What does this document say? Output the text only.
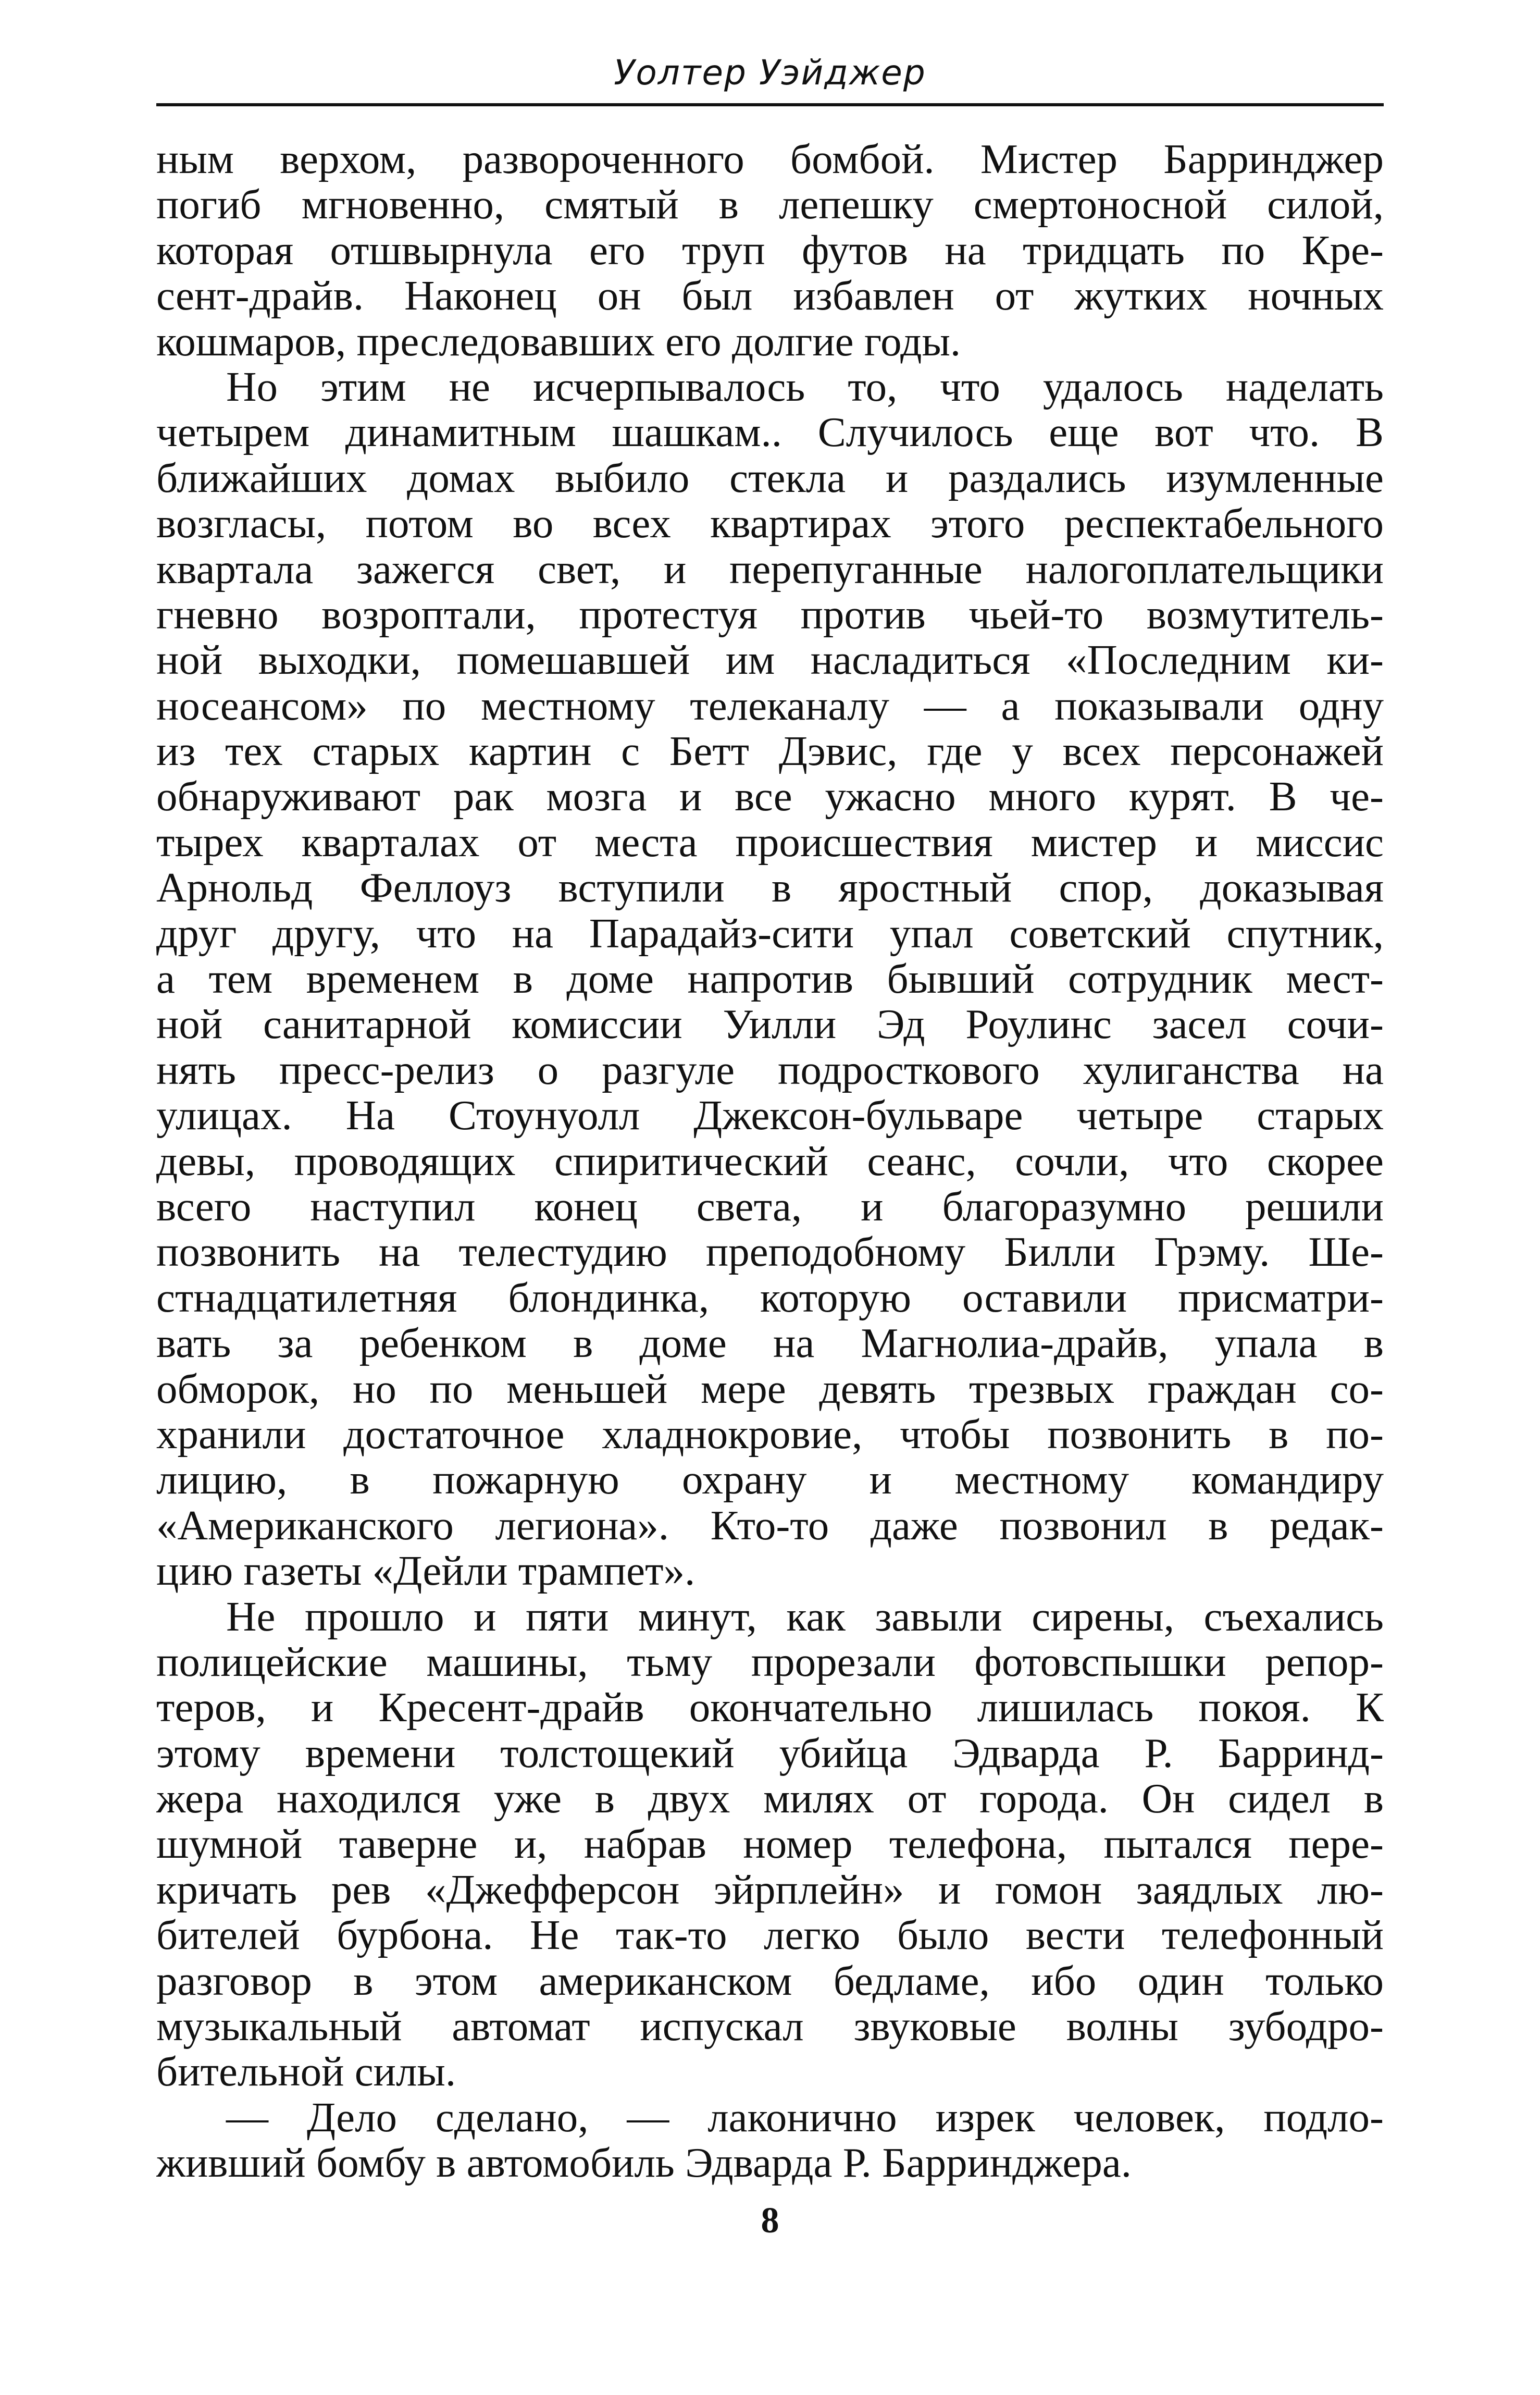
Уолтер Уэйджер
ным верхом, развороченного бомбой. Мистер Барринджер
погиб мгновенно, смятый в лепешку смертоносной силой,
которая отшвырнула его труп футов на тридцать по Кре-
сент-драйв. Наконец он был избавлен от жутких ночных
кошмаров, преследовавших его долгие годы.
Но этим не исчерпывалось то, что удалось наделать
четырем динамитным шашкам.. Случилось еще вот что. В
ближайших домах выбило стекла и раздались изумленные
возгласы, потом во всех квартирах этого респектабельного
квартала зажегся свет, и перепуганные налогоплательщики
гневно возроптали, протестуя против чьей-то возмутитель-
ной выходки, помешавшей им насладиться «Последним ки-
носеансом» по местному телеканалу — а показывали одну
из тех старых картин с Бетт Дэвис, где у всех персонажей
обнаруживают рак мозга и все ужасно много курят. В че-
тырех кварталах от места происшествия мистер и миссис
Арнольд Феллоуз вступили в яростный спор, доказывая
друг другу, что на Парадайз-сити упал советский спутник,
а тем временем в доме напротив бывший сотрудник мест-
ной санитарной комиссии Уилли Эд Роулинс засел сочи-
нять пресс-релиз о разгуле подросткового хулиганства на
улицах. На Стоунуолл Джексон-бульваре четыре старых
девы, проводящих спиритический сеанс, сочли, что скорее
всего наступил конец света, и благоразумно решили
позвонить на телестудию преподобному Билли Грэму. Ше-
стнадцатилетняя блондинка, которую оставили присматри-
вать за ребенком в доме на Магнолиа-драйв, упала в
обморок, но по меньшей мере девять трезвых граждан со-
хранили достаточное хладнокровие, чтобы позвонить в по-
лицию, в пожарную охрану и местному командиру
«Американского легиона». Кто-то даже позвонил в редак-
цию газеты «Дейли трампет».
Не прошло и пяти минут, как завыли сирены, съехались
полицейские машины, тьму прорезали фотовспышки репор-
теров, и Кресент-драйв окончательно лишилась покоя. К
этому времени толстощекий убийца Эдварда Р. Барринд-
жера находился уже в двух милях от города. Он сидел в
шумной таверне и, набрав номер телефона, пытался пере-
кричать рев «Джефферсон эйрплейн» и гомон заядлых лю-
бителей бурбона. Не так-то легко было вести телефонный
разговор в этом американском бедламе, ибо один только
музыкальный автомат испускал звуковые волны зубодро-
бительной силы.
— Дело сделано, — лаконично изрек человек, подло-
живший бомбу в автомобиль Эдварда Р. Барринджера.
8
